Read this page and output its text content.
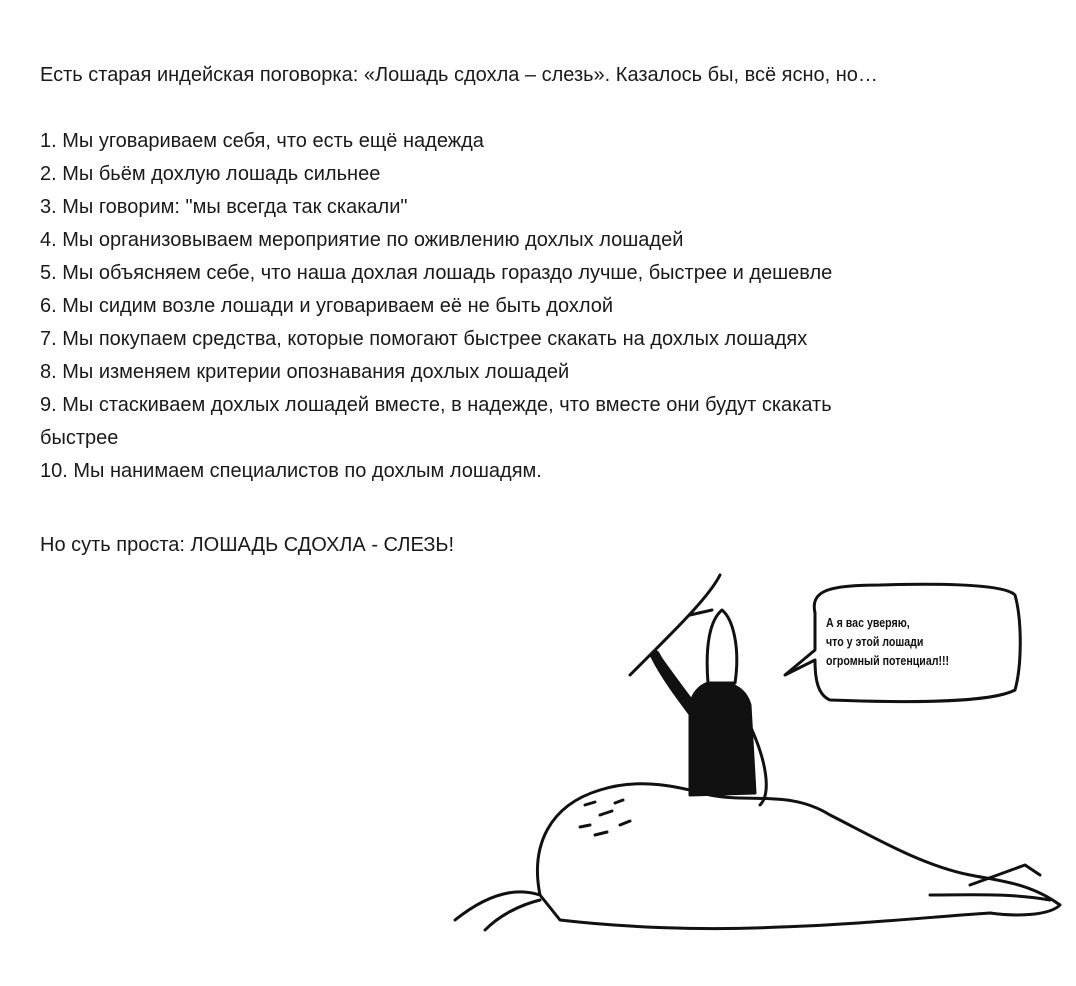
Есть старая индейская поговорка: «Лошадь сдохла – слезь». Казалось бы, всё ясно, но…
1. Мы уговариваем себя, что есть ещё надежда
2. Мы бьём дохлую лошадь сильнее
3. Мы говорим: "мы всегда так скакали"
4. Мы организовываем мероприятие по оживлению дохлых лошадей
5. Мы объясняем себе, что наша дохлая лошадь гораздо лучше, быстрее и дешевле
6. Мы сидим возле лошади и уговариваем её не быть дохлой
7. Мы покупаем средства, которые помогают быстрее скакать на дохлых лошадях
8. Мы изменяем критерии опознавания дохлых лошадей
9. Мы стаскиваем дохлых лошадей вместе, в надежде, что вместе они будут скакать
быстрее
10. Мы нанимаем специалистов по дохлым лошадям.
Но суть проста: ЛОШАДЬ СДОХЛА - СЛЕЗЬ!
А я вас уверяю,
что у этой лошади
огромный потенциал!!!
